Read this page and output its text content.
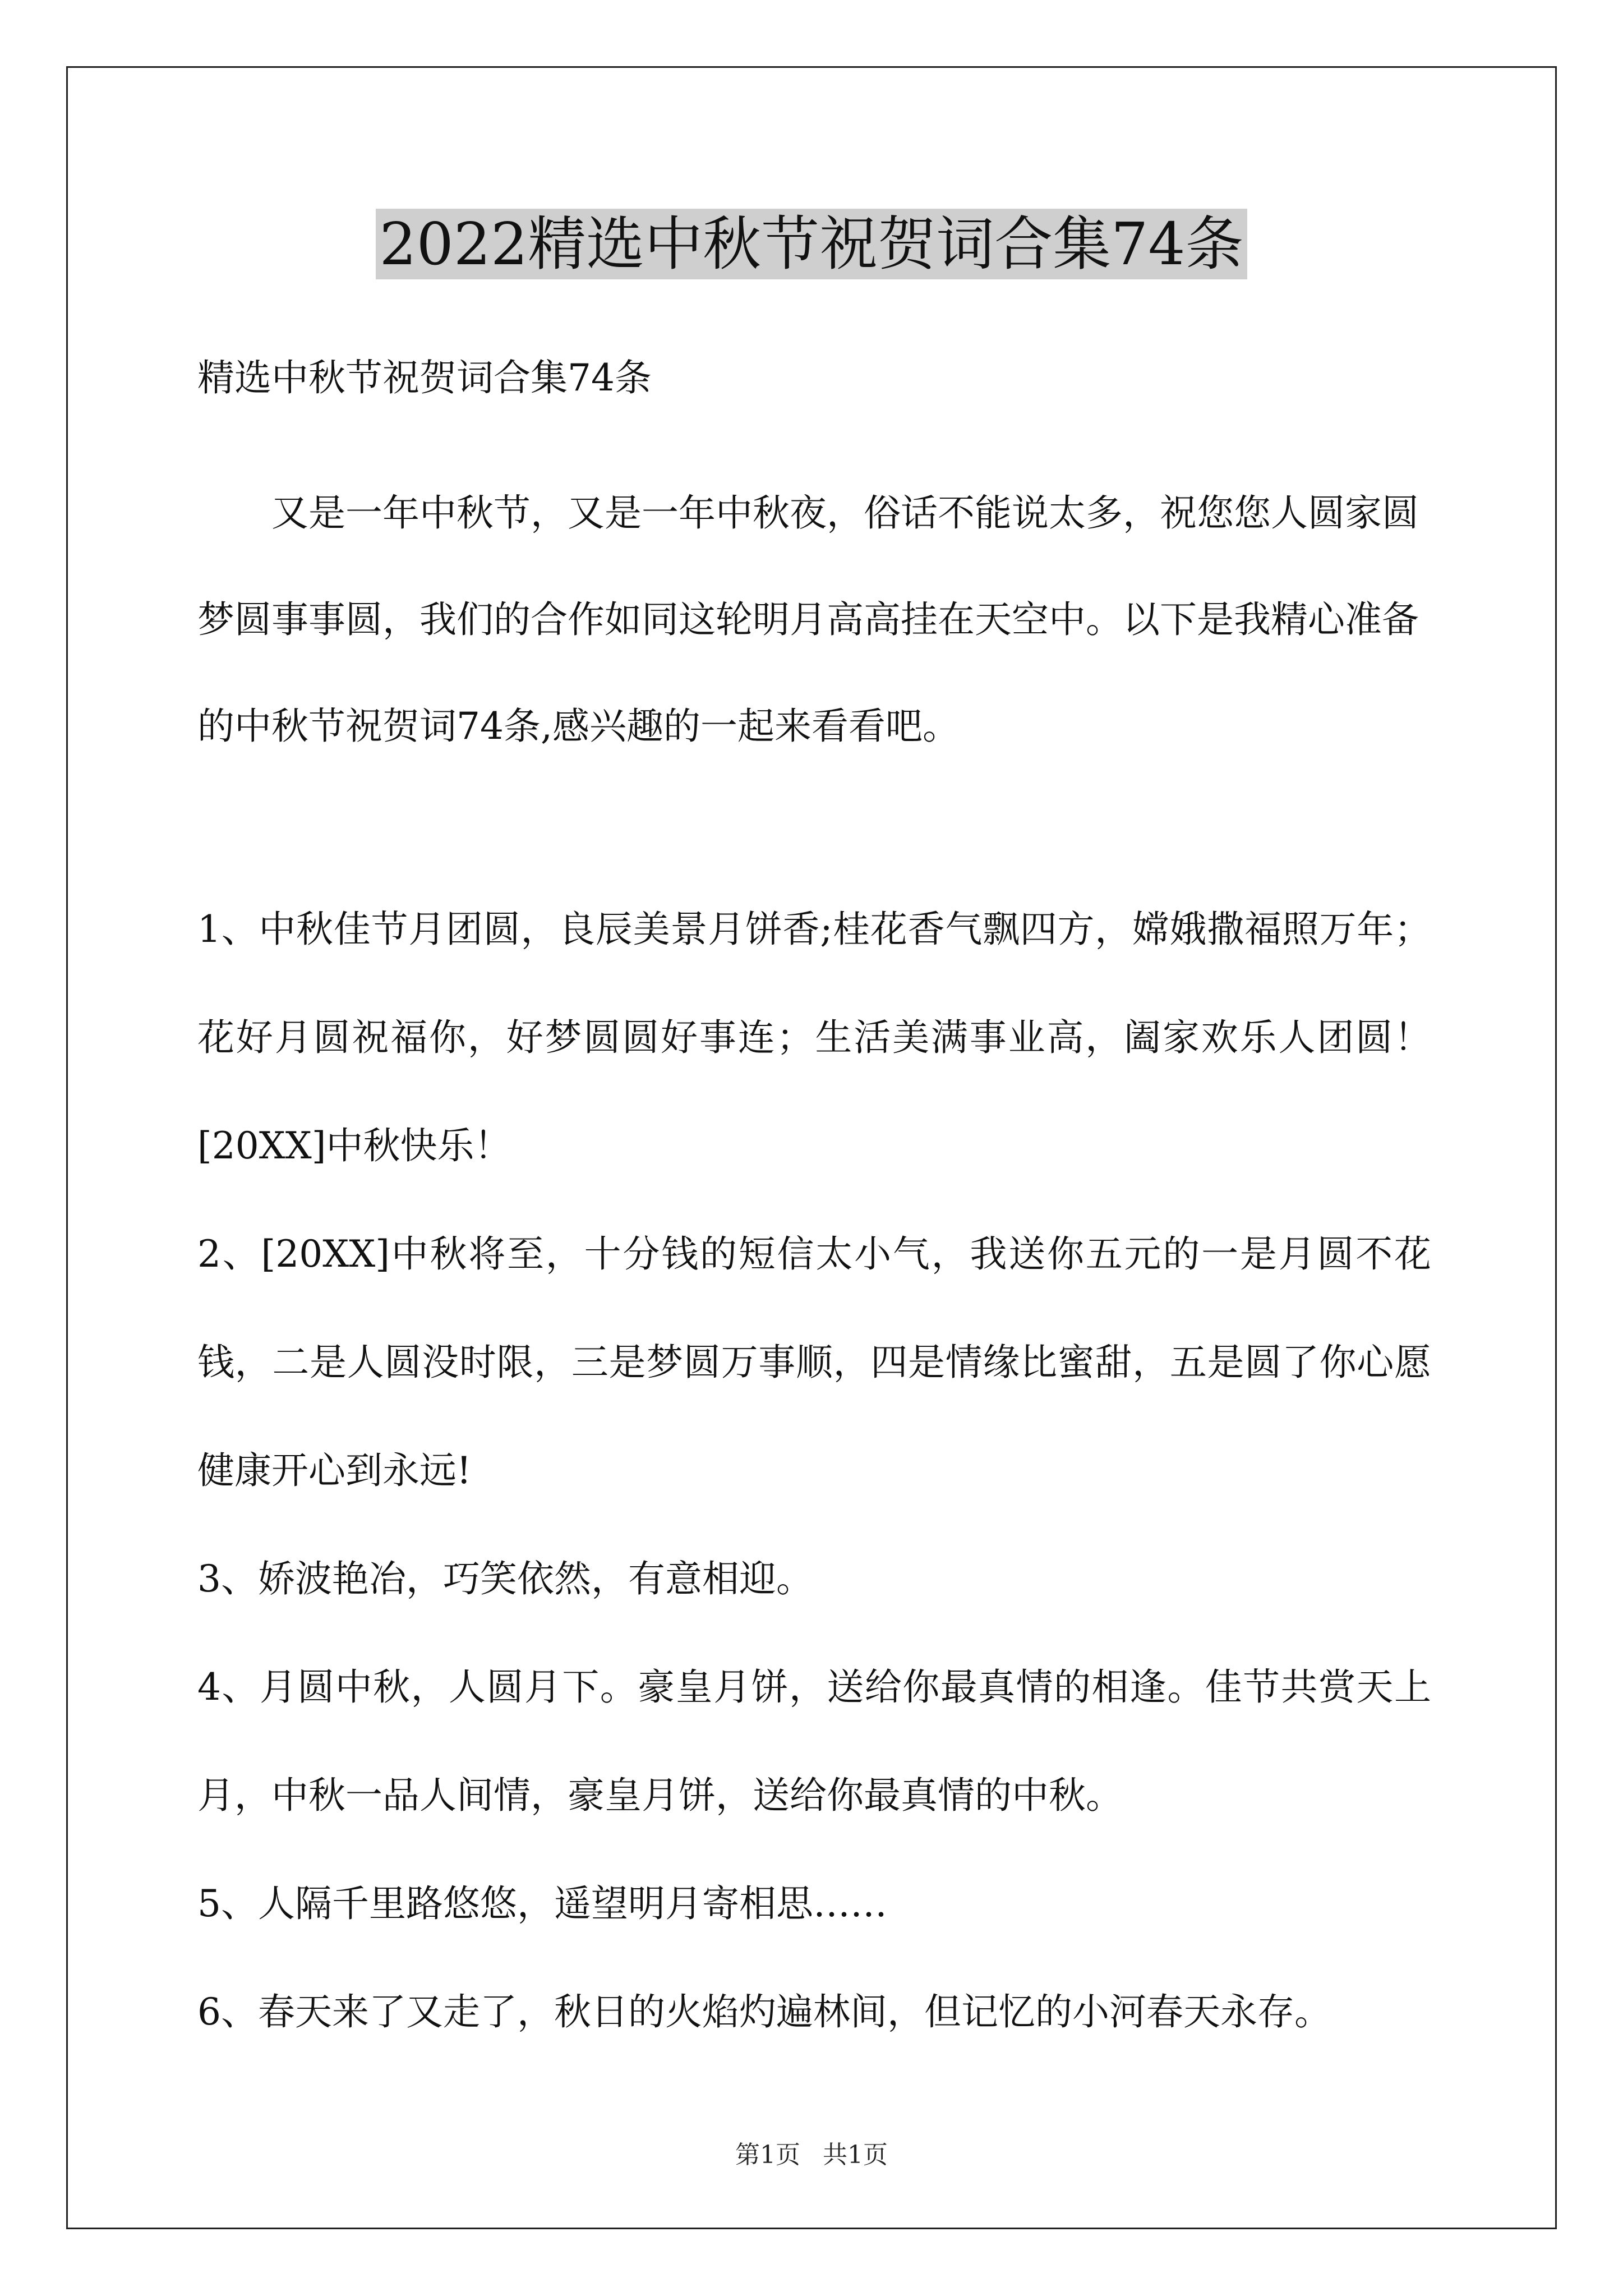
2022精选中秋节祝贺词合集74条
精选中秋节祝贺词合集74条
又是一年中秋节，又是一年中秋夜，俗话不能说太多，祝您您人圆家圆梦圆事事圆，我们的合作如同这轮明月高高挂在天空中。以下是我精心准备的中秋节祝贺词74条,感兴趣的一起来看看吧。
1、中秋佳节月团圆，良辰美景月饼香;桂花香气飘四方，嫦娥撒福照万年；花好月圆祝福你，好梦圆圆好事连；生活美满事业高，阖家欢乐人团圆！[20XX]中秋快乐！
2、[20XX]中秋将至，十分钱的短信太小气，我送你五元的一是月圆不花钱，二是人圆没时限，三是梦圆万事顺，四是情缘比蜜甜，五是圆了你心愿健康开心到永远!
3、娇波艳冶，巧笑依然，有意相迎。
4、月圆中秋，人圆月下。豪皇月饼，送给你最真情的相逢。佳节共赏天上月，中秋一品人间情，豪皇月饼，送给你最真情的中秋。
5、人隔千里路悠悠，遥望明月寄相思……
6、春天来了又走了，秋日的火焰灼遍林间，但记忆的小河春天永存。
第1页 共1页
